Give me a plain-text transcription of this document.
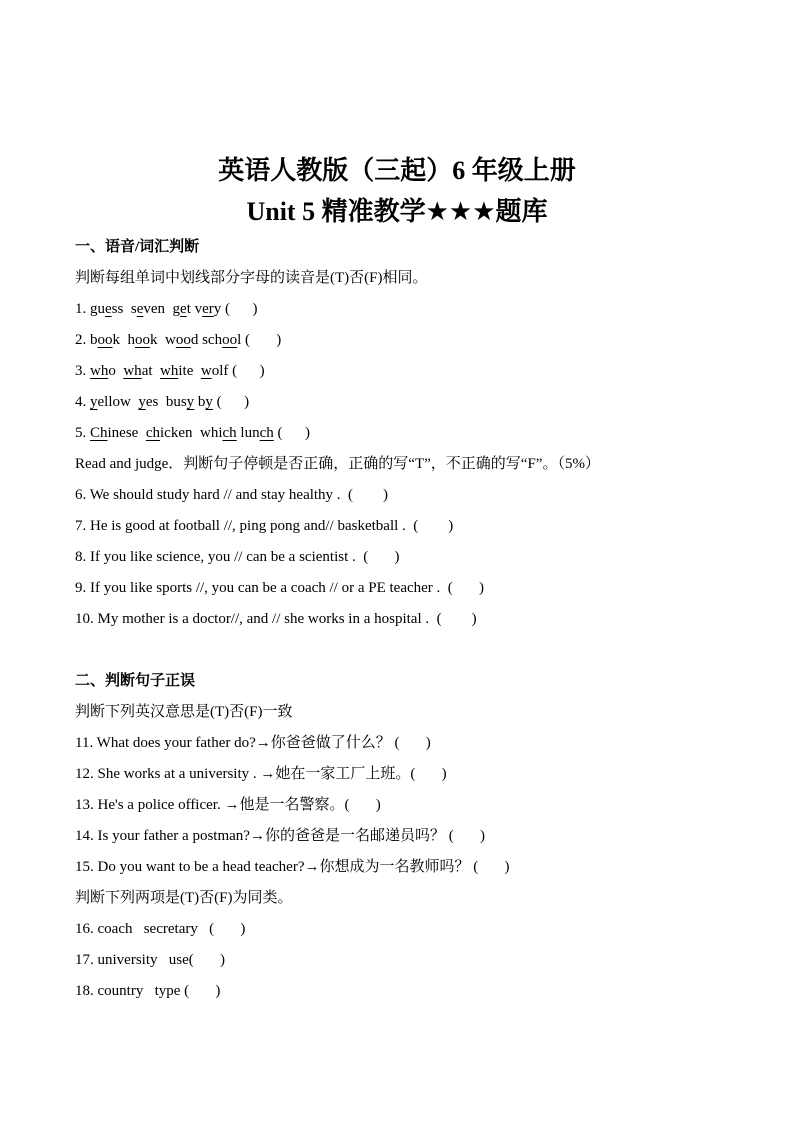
英语人教版（三起）6 年级上册
Unit 5 精准教学★★★题库
一、语音/词汇判断
判断每组单词中划线部分字母的读音是(T)否(F)相同。
1. guess  seven  get very (      )
2. book  hook  wood school (       )
3. who  what  white  wolf (      )
4. yellow  yes  busy by (      )
5. Chinese  chicken  which lunch (      )
Read and judge．判断句子停顿是否正确，正确的写“T”，不正确的写“F”。（5%）
6. We should study hard // and stay healthy .  (        )
7. He is good at football //, ping pong and// basketball .  (        )
8. If you like science, you // can be a scientist .  (       )
9. If you like sports //, you can be a coach // or a PE teacher .  (       )
10. My mother is a doctor//, and // she works in a hospital .  (        )
二、判断句子正误
判断下列英汉意思是(T)否(F)一致
11. What does your father do?→你爸爸做了什么？ (       )
12. She works at a university . →她在一家工厂上班。(       )
13. He's a police officer. →他是一名警察。(       )
14. Is your father a postman?→你的爸爸是一名邮递员吗？ (       )
15. Do you want to be a head teacher?→你想成为一名教师吗？ (       )
判断下列两项是(T)否(F)为同类。
16. coach   secretary   (       )
17. university   use(       )
18. country   type (       )
